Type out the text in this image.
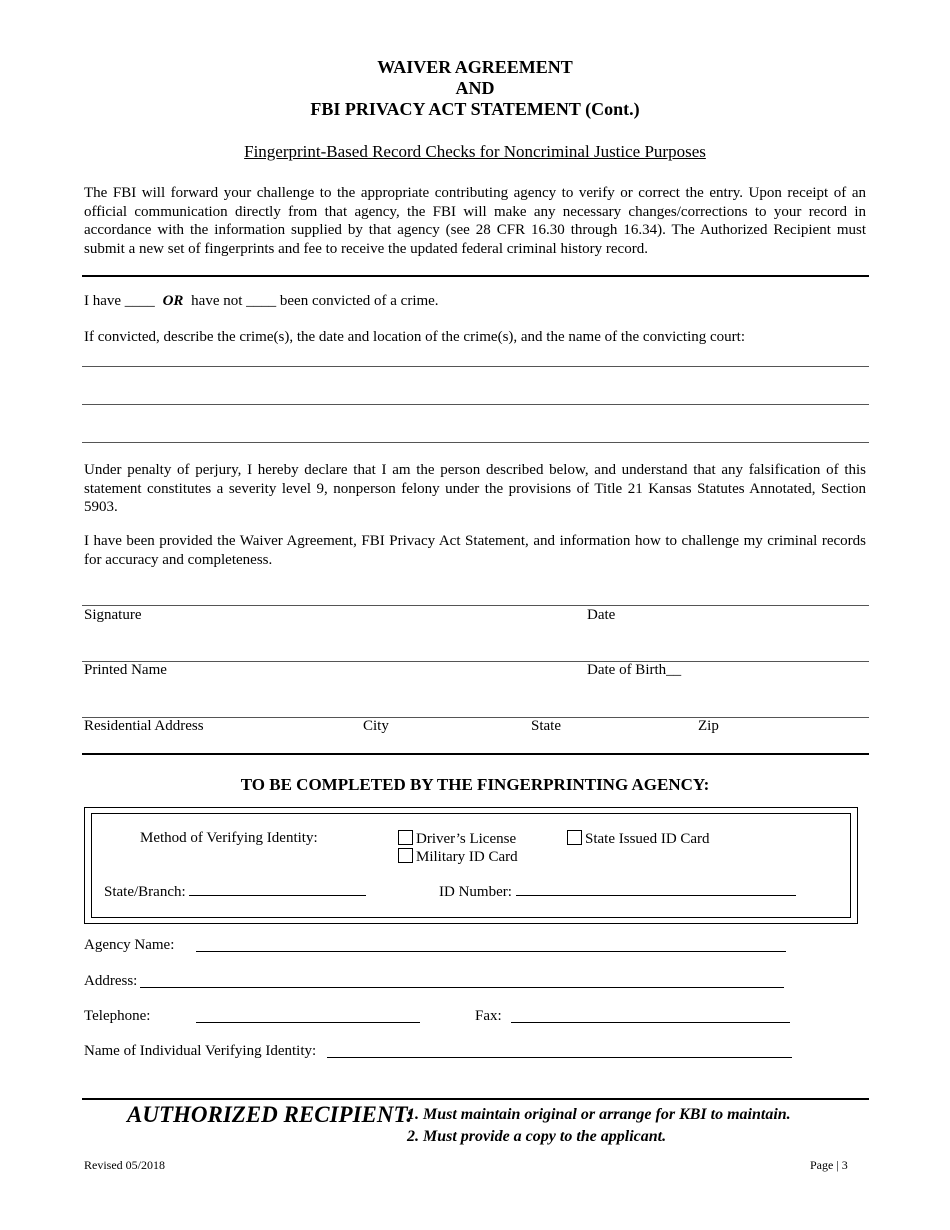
WAIVER AGREEMENT
AND
FBI PRIVACY ACT STATEMENT (Cont.)
Fingerprint-Based Record Checks for Noncriminal Justice Purposes
The FBI will forward your challenge to the appropriate contributing agency to verify or correct the entry. Upon receipt of an official communication directly from that agency, the FBI will make any necessary changes/corrections to your record in accordance with the information supplied by that agency (see 28 CFR 16.30 through 16.34). The Authorized Recipient must submit a new set of fingerprints and fee to receive the updated federal criminal history record.
I have ____ OR have not ____ been convicted of a crime.
If convicted, describe the crime(s), the date and location of the crime(s), and the name of the convicting court:
Under penalty of perjury, I hereby declare that I am the person described below, and understand that any falsification of this statement constitutes a severity level 9, nonperson felony under the provisions of Title 21 Kansas Statutes Annotated, Section 5903.
I have been provided the Waiver Agreement, FBI Privacy Act Statement, and information how to challenge my criminal records for accuracy and completeness.
Signature	Date
Printed Name	Date of Birth__
Residential Address	City	State	Zip
TO BE COMPLETED BY THE FINGERPRINTING AGENCY:
Method of Verifying Identity:	Driver’s License	State Issued ID Card
Military ID Card
State/Branch:	ID Number:
Agency Name:
Address:
Telephone:	Fax:
Name of Individual Verifying Identity:
AUTHORIZED RECIPIENT:
1. Must maintain original or arrange for KBI to maintain.
2. Must provide a copy to the applicant.
Revised 05/2018	Page | 3
